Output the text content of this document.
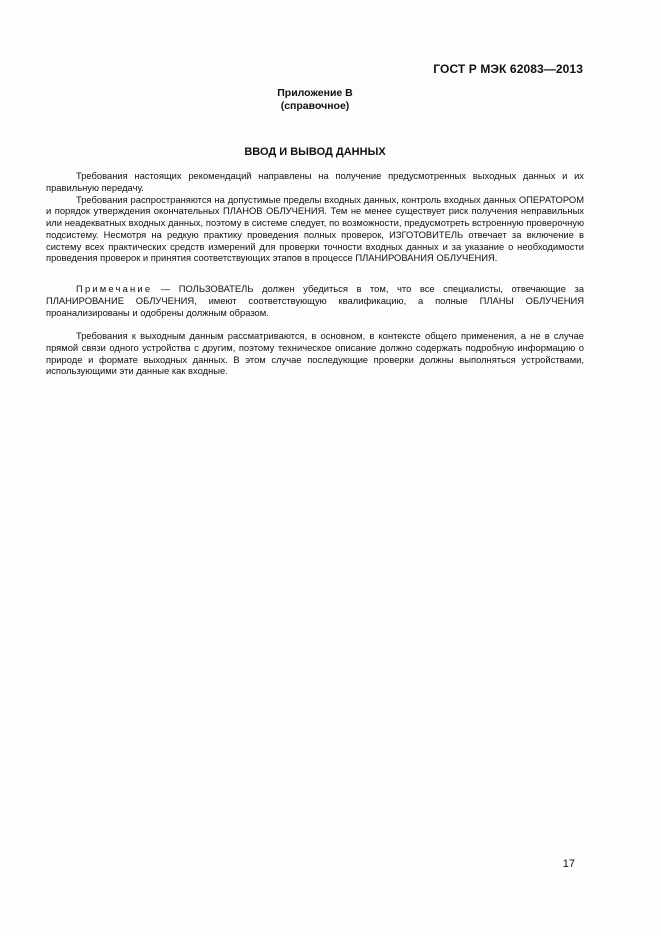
ГОСТ Р МЭК 62083—2013
Приложение В
(справочное)
ВВОД И ВЫВОД ДАННЫХ

Требования настоящих рекомендаций направлены на получение предусмотренных выходных данных и их правильную передачу.

Требования распространяются на допустимые пределы входных данных, контроль входных данных ОПЕРАТОРОМ и порядок утверждения окончательных ПЛАНОВ ОБЛУЧЕНИЯ. Тем не менее существует риск получения неправильных или неадекватных входных данных, поэтому в системе следует, по возможности, предусмотреть встроенную проверочную подсистему. Несмотря на редкую практику проведения полных проверок, ИЗГОТОВИТЕЛЬ отвечает за включение в систему всех практических средств измерений для проверки точности входных данных и за указание о необходимости проведения проверок и принятия соответствующих этапов в процессе ПЛАНИРОВАНИЯ ОБЛУЧЕНИЯ.

Примечание — ПОЛЬЗОВАТЕЛЬ должен убедиться в том, что все специалисты, отвечающие за ПЛАНИРОВАНИЕ ОБЛУЧЕНИЯ, имеют соответствующую квалификацию, а полные ПЛАНЫ ОБЛУЧЕНИЯ проанализированы и одобрены должным образом.

Требования к выходным данным рассматриваются, в основном, в контексте общего применения, а не в случае прямой связи одного устройства с другим, поэтому техническое описание должно содержать подробную информацию о природе и формате выходных данных. В этом случае последующие проверки должны выполняться устройствами, использующими эти данные как входные.

17
